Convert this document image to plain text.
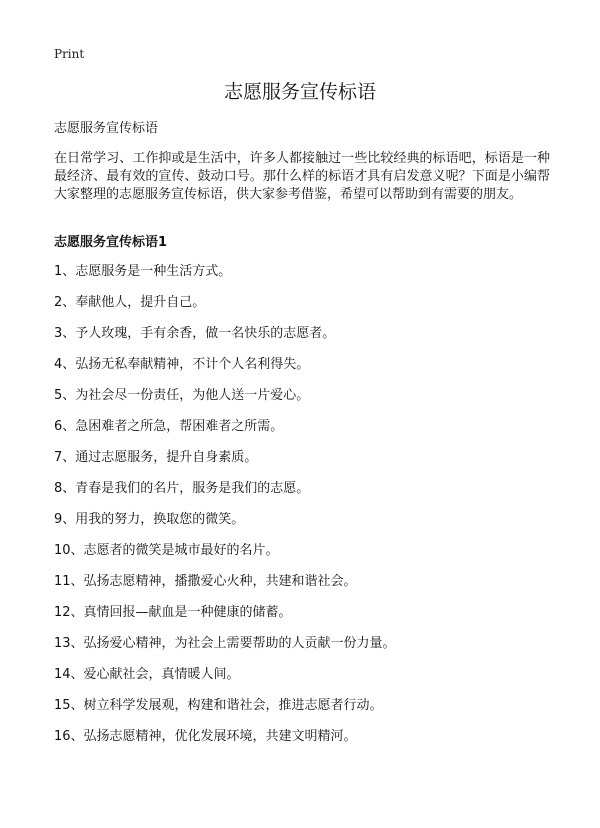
Print
志愿服务宣传标语

志愿服务宣传标语

在日常学习、工作抑或是生活中，许多人都接触过一些比较经典的标语吧，标语是一种最经济、最有效的宣传、鼓动口号。那什么样的标语才具有启发意义呢？下面是小编帮大家整理的志愿服务宣传标语，供大家参考借鉴，希望可以帮助到有需要的朋友。

志愿服务宣传标语1
1、志愿服务是一种生活方式。
2、奉献他人，提升自己。
3、予人玫瑰，手有余香，做一名快乐的志愿者。
4、弘扬无私奉献精神，不计个人名利得失。
5、为社会尽一份责任，为他人送一片爱心。
6、急困难者之所急，帮困难者之所需。
7、通过志愿服务，提升自身素质。
8、青春是我们的名片，服务是我们的志愿。
9、用我的努力，换取您的微笑。
10、志愿者的微笑是城市最好的名片。
11、弘扬志愿精神，播撒爱心火种，共建和谐社会。
12、真情回报—献血是一种健康的储蓄。
13、弘扬爱心精神，为社会上需要帮助的人贡献一份力量。
14、爱心献社会，真情暖人间。
15、树立科学发展观，构建和谐社会，推进志愿者行动。
16、弘扬志愿精神，优化发展环境，共建文明精河。
